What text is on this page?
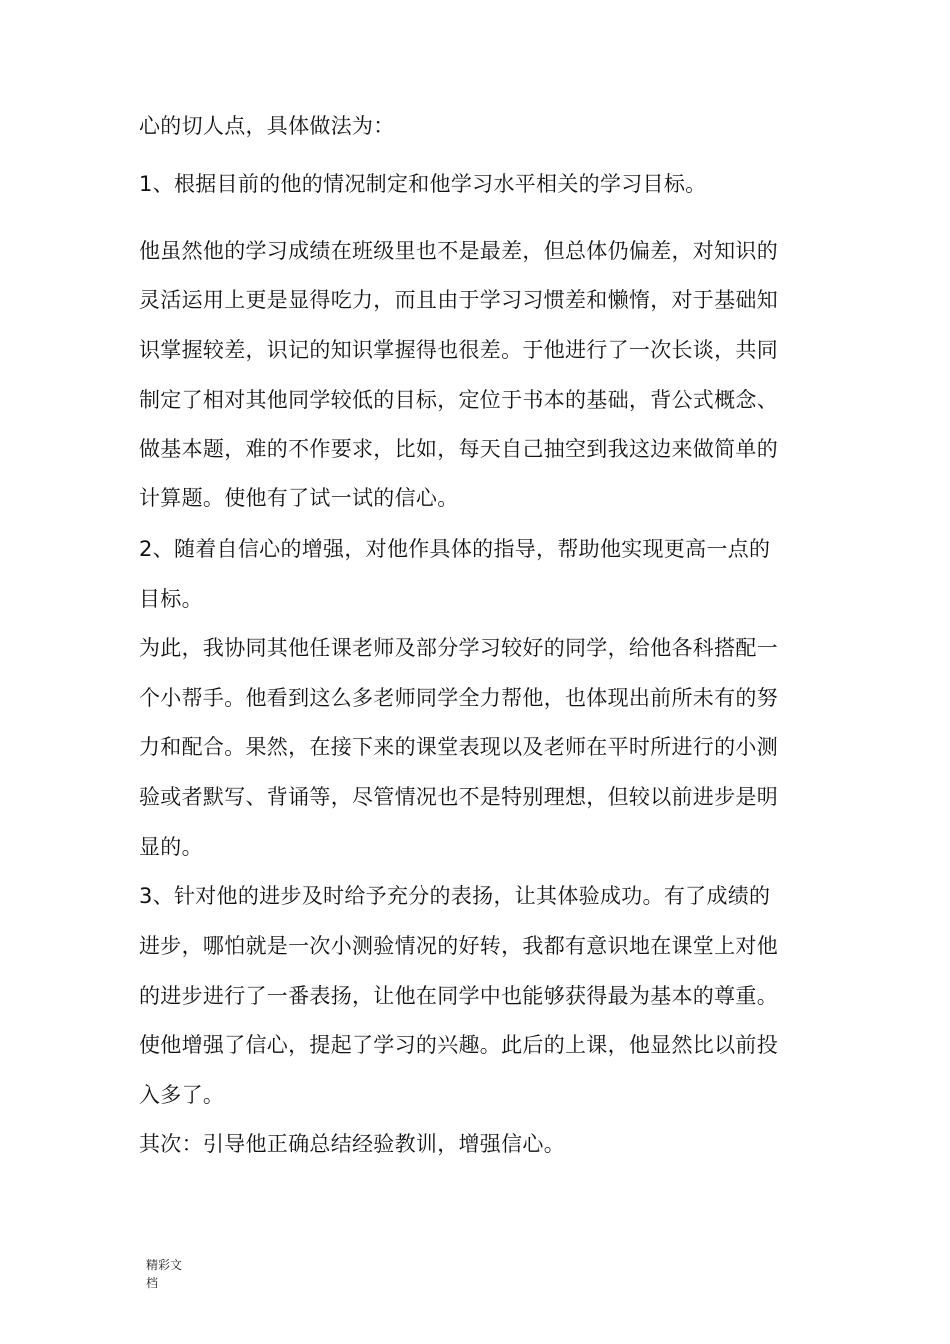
心的切人点，具体做法为：
1、根据目前的他的情况制定和他学习水平相关的学习目标。
他虽然他的学习成绩在班级里也不是最差，但总体仍偏差，对知识的
灵活运用上更是显得吃力，而且由于学习习惯差和懒惰，对于基础知
识掌握较差，识记的知识掌握得也很差。于他进行了一次长谈，共同
制定了相对其他同学较低的目标，定位于书本的基础，背公式概念、
做基本题，难的不作要求，比如，每天自己抽空到我这边来做简单的
计算题。使他有了试一试的信心。
2、随着自信心的增强，对他作具体的指导，帮助他实现更高一点的
目标。
为此，我协同其他任课老师及部分学习较好的同学，给他各科搭配一
个小帮手。他看到这么多老师同学全力帮他，也体现出前所未有的努
力和配合。果然，在接下来的课堂表现以及老师在平时所进行的小测
验或者默写、背诵等，尽管情况也不是特别理想，但较以前进步是明
显的。
3、针对他的进步及时给予充分的表扬，让其体验成功。有了成绩的
进步，哪怕就是一次小测验情况的好转，我都有意识地在课堂上对他
的进步进行了一番表扬，让他在同学中也能够获得最为基本的尊重。
使他增强了信心，提起了学习的兴趣。此后的上课，他显然比以前投
入多了。
其次：引导他正确总结经验教训，增强信心。
精彩文
档
